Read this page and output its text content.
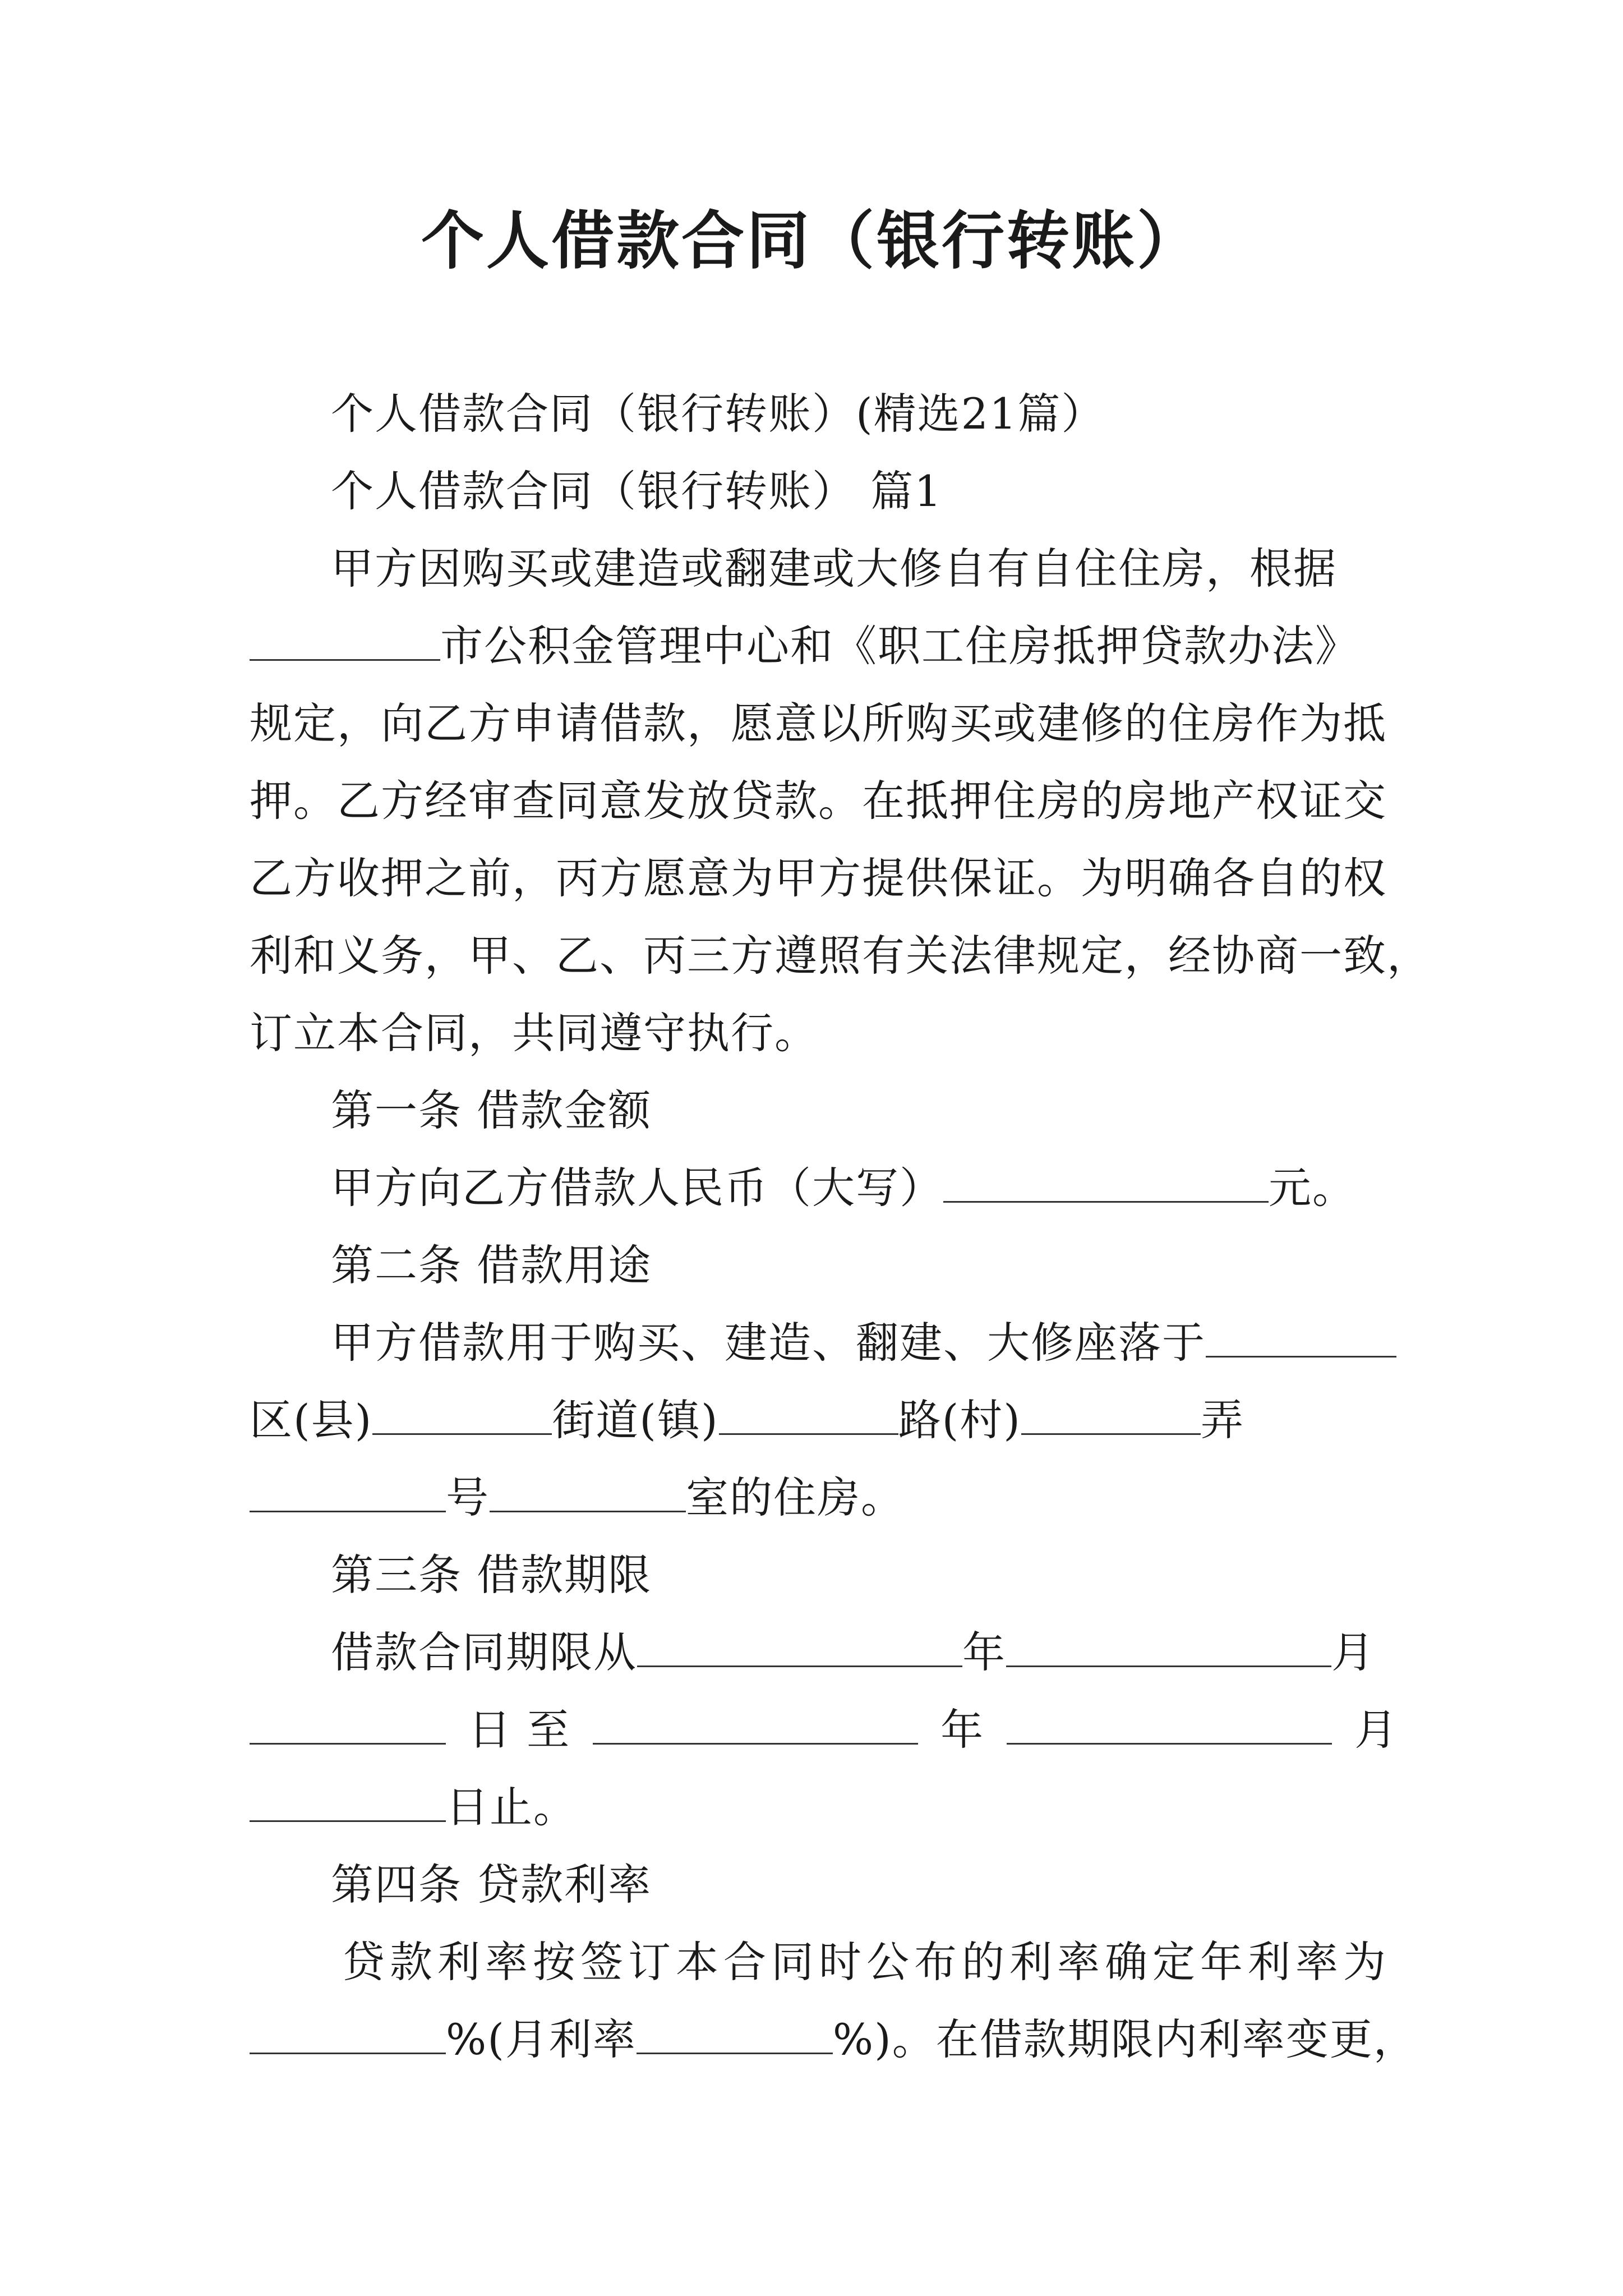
个人借款合同（银行转账）
个人借款合同（银行转账）(精选21篇）
个人借款合同（银行转账） 篇1
甲方因购买或建造或翻建或大修自有自住住房，根据
市公积金管理中心和《职工住房抵押贷款办法》
规定，向乙方申请借款，愿意以所购买或建修的住房作为抵
押。乙方经审查同意发放贷款。在抵押住房的房地产权证交
乙方收押之前，丙方愿意为甲方提供保证。为明确各自的权
利和义务，甲、乙、丙三方遵照有关法律规定，经协商一致，
订立本合同，共同遵守执行。
第一条 借款金额
甲方向乙方借款人民币（大写）	元。
第二条 借款用途
甲方借款用于购买、建造、翻建、大修座落于
区(县)	街道(镇)	路(村)	弄
号	室的住房。
第三条 借款期限
借款合同期限从	年	月
日 至	年	月
日止。
第四条 贷款利率
贷款利率按签订本合同时公布的利率确定年利率为
%(月利率	%)。在借款期限内利率变更，
